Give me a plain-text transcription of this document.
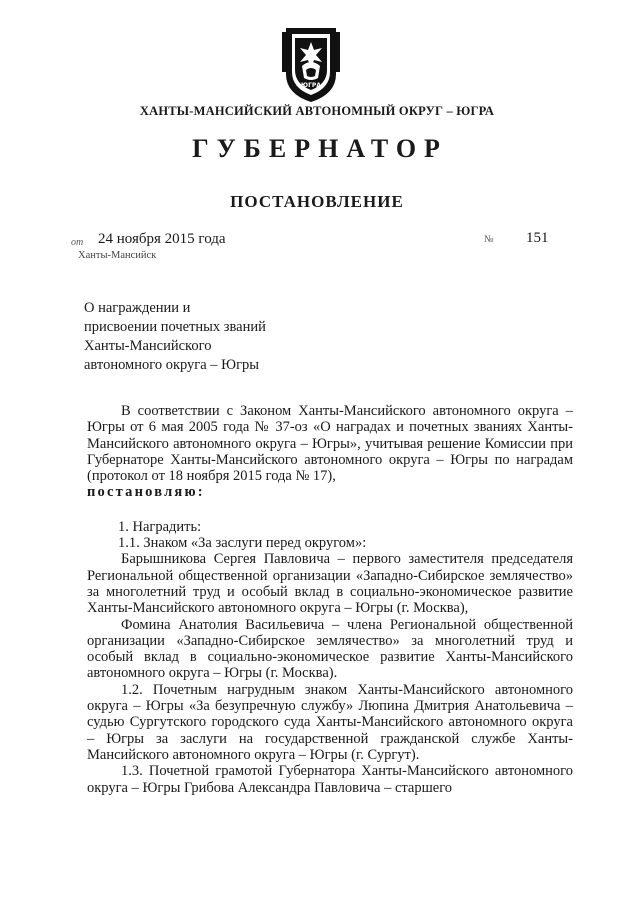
ЮГРА
ХАНТЫ-МАНСИЙСКИЙ АВТОНОМНЫЙ ОКРУГ – ЮГРА
ГУБЕРНАТОР
ПОСТАНОВЛЕНИЕ
от 24 ноября 2015 года	№ 151
Ханты-Мансийск
О награждении и
присвоении почетных званий
Ханты-Мансийского
автономного округа – Югры

В соответствии с Законом Ханты-Мансийского автономного округа – Югры от 6 мая 2005 года № 37-оз «О наградах и почетных званиях Ханты-Мансийского автономного округа – Югры», учитывая решение Комиссии при Губернаторе Ханты-Мансийского автономного округа – Югры по наградам (протокол от 18 ноября 2015 года № 17),

постановляю:

1. Наградить:

1.1. Знаком «За заслуги перед округом»:

Барышникова Сергея Павловича – первого заместителя председателя Региональной общественной организации «Западно-Сибирское землячество» за многолетний труд и особый вклад в социально-экономическое развитие Ханты-Мансийского автономного округа – Югры (г. Москва),

Фомина Анатолия Васильевича – члена Региональной общественной организации «Западно-Сибирское землячество» за многолетний труд и особый вклад в социально-экономическое развитие Ханты-Мансийского автономного округа – Югры (г. Москва).

1.2. Почетным нагрудным знаком Ханты-Мансийского автономного округа – Югры «За безупречную службу» Люпина Дмитрия Анатольевича – судью Сургутского городского суда Ханты-Мансийского автономного округа – Югры за заслуги на государственной гражданской службе Ханты-Мансийского автономного округа – Югры (г. Сургут).

1.3. Почетной грамотой Губернатора Ханты-Мансийского автономного округа – Югры Грибова Александра Павловича – старшего
